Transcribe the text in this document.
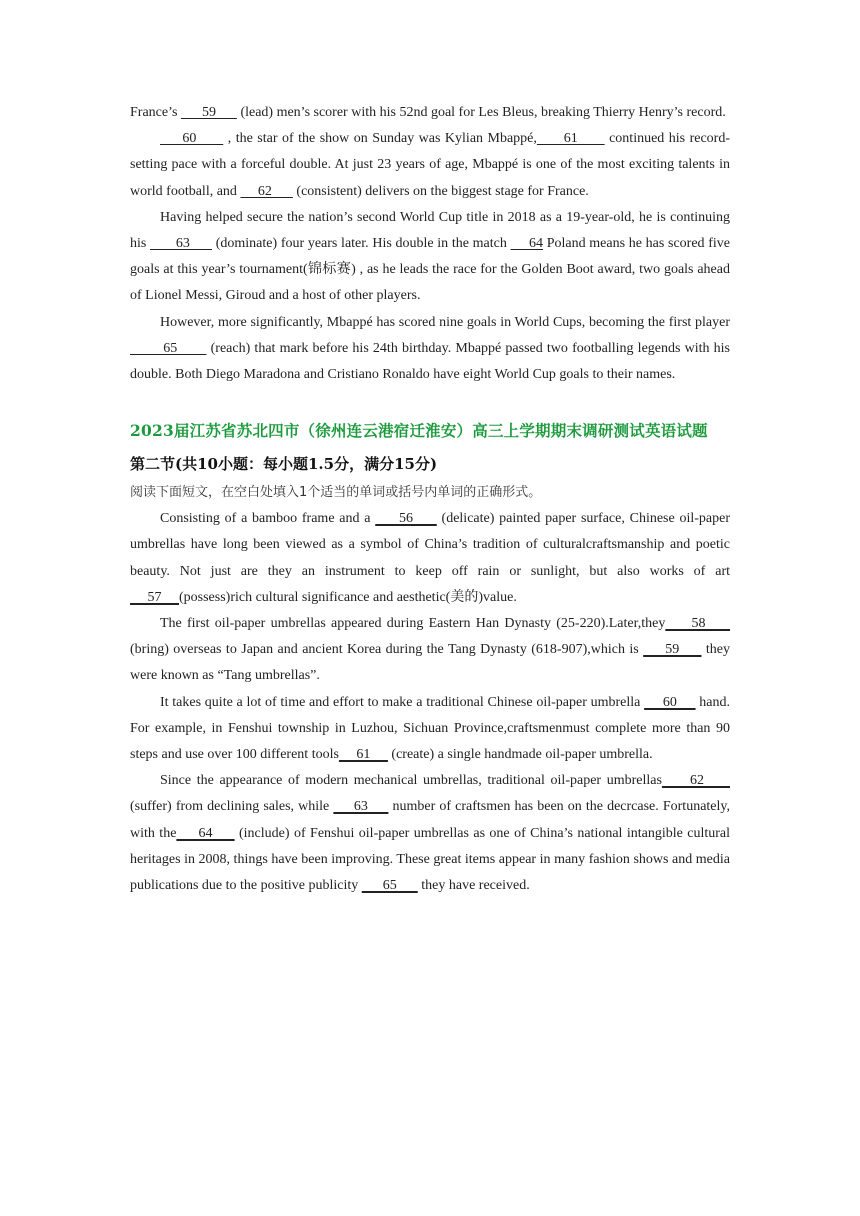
France’s       59       (lead) men’s scorer with his 52nd goal for Les Bleus, breaking Thierry Henry’s record.

60       , the star of the show on Sunday was Kylian Mbappé,      61       continued his record-setting pace with a forceful double. At just 23 years of age, Mbappé is one of the most exciting talents in world football, and      62       (consistent) delivers on the biggest stage for France.

Having helped secure the nation’s second World Cup title in 2018 as a 19-year-old, he is continuing his        63       (dominate) four years later. His double in the match      64 Poland means he has scored five goals at this year’s tournament(锦标赛) , as he leads the race for the Golden Boot award, two goals ahead of Lionel Messi, Giroud and a host of other players.

However, more significantly, Mbappé has scored nine goals in World Cups, becoming the first player         65        (reach) that mark before his 24th birthday. Mbappé passed two footballing legends with his double. Both Diego Maradona and Cristiano Ronaldo have eight World Cup goals to their names.

2023届江苏省苏北四市（徐州连云港宿迁淮安）高三上学期期末调研测试英语试题
第二节(共10小题：每小题1.5分，满分15分)
阅读下面短文，在空白处填入1个适当的单词或括号内单词的正确形式。

Consisting of a bamboo frame and a      56      (delicate) painted paper surface, Chinese oil-paper umbrellas have long been viewed as a symbol of China’s tradition of culturalcraftsmanship and poetic beauty. Not just are they an instrument to keep off rain or sunlight, but also works of art      57     (possess)rich cultural significance and aesthetic(美的)value.

The first oil-paper umbrellas appeared during Eastern Han Dynasty (25-220).Later,they     58      (bring) overseas to Japan and ancient Korea during the Tang Dynasty (618-907),which is      59      they were known as “Tang umbrellas”.

It takes quite a lot of time and effort to make a traditional Chinese oil-paper umbrella      60      hand. For example, in Fenshui township in Luzhou, Sichuan Province,craftsmenmust complete more than 90 steps and use over 100 different tools     61      (create) a single handmade oil-paper umbrella.

Since the appearance of modern mechanical umbrellas, traditional oil-paper umbrellas     62      (suffer) from declining sales, while      63      number of craftsmen has been on the decrcase. Fortunately, with the     64      (include) of Fenshui oil-paper umbrellas as one of China’s national intangible cultural heritages in 2008, things have been improving. These great items appear in many fashion shows and media publications due to the positive publicity       65       they have received.
